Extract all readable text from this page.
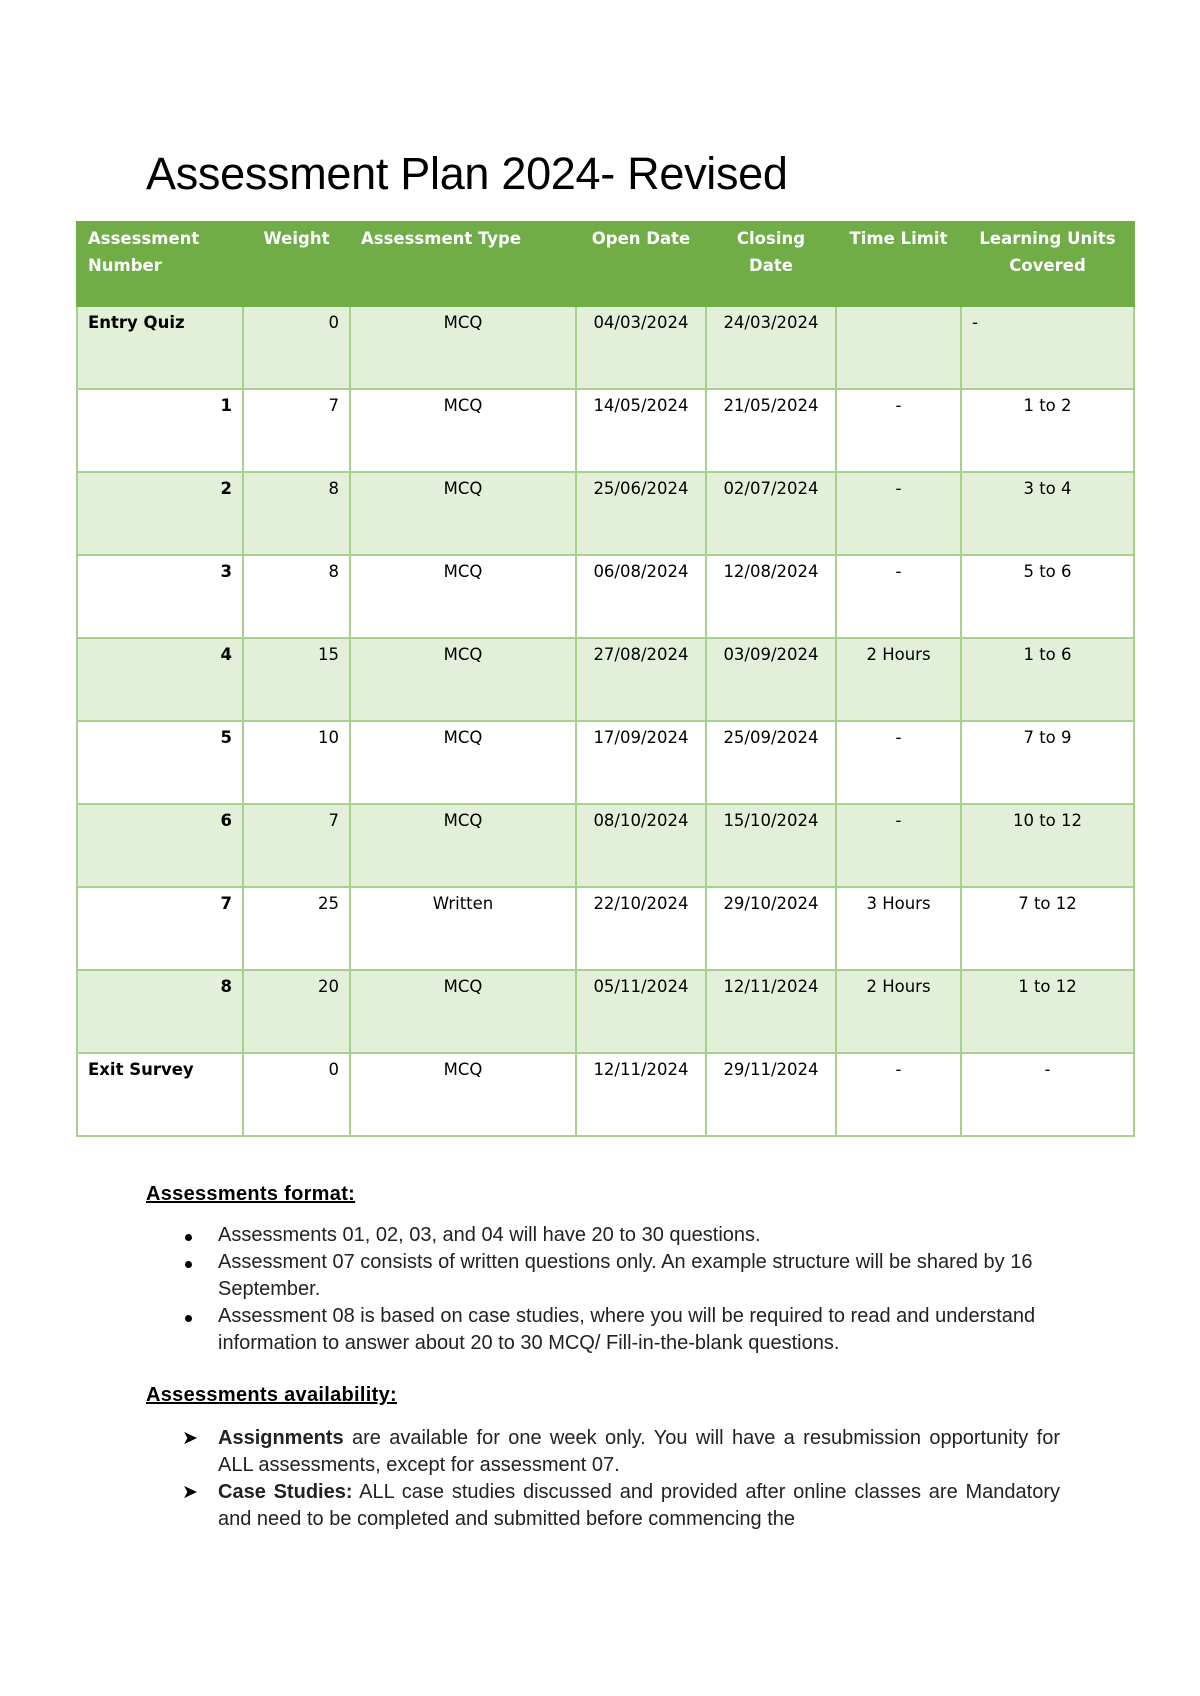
Assessment Plan 2024- Revised
Assessment Number	Weight	Assessment Type	Open Date	Closing Date	Time Limit	Learning Units Covered
Entry Quiz	0	MCQ	04/03/2024	24/03/2024		-
1	7	MCQ	14/05/2024	21/05/2024	-	1 to 2
2	8	MCQ	25/06/2024	02/07/2024	-	3 to 4
3	8	MCQ	06/08/2024	12/08/2024	-	5 to 6
4	15	MCQ	27/08/2024	03/09/2024	2 Hours	1 to 6
5	10	MCQ	17/09/2024	25/09/2024	-	7 to 9
6	7	MCQ	08/10/2024	15/10/2024	-	10 to 12
7	25	Written	22/10/2024	29/10/2024	3 Hours	7 to 12
8	20	MCQ	05/11/2024	12/11/2024	2 Hours	1 to 12
Exit Survey	0	MCQ	12/11/2024	29/11/2024	-	-
Assessments format:
Assessments 01, 02, 03, and 04 will have 20 to 30 questions.
Assessment 07 consists of written questions only. An example structure will be shared by 16 September.
Assessment 08 is based on case studies, where you will be required to read and understand information to answer about 20 to 30 MCQ/ Fill-in-the-blank questions.
Assessments availability:
➤ Assignments are available for one week only. You will have a resubmission opportunity for ALL assessments, except for assessment 07.
➤ Case Studies: ALL case studies discussed and provided after online classes are Mandatory and need to be completed and submitted before commencing the
